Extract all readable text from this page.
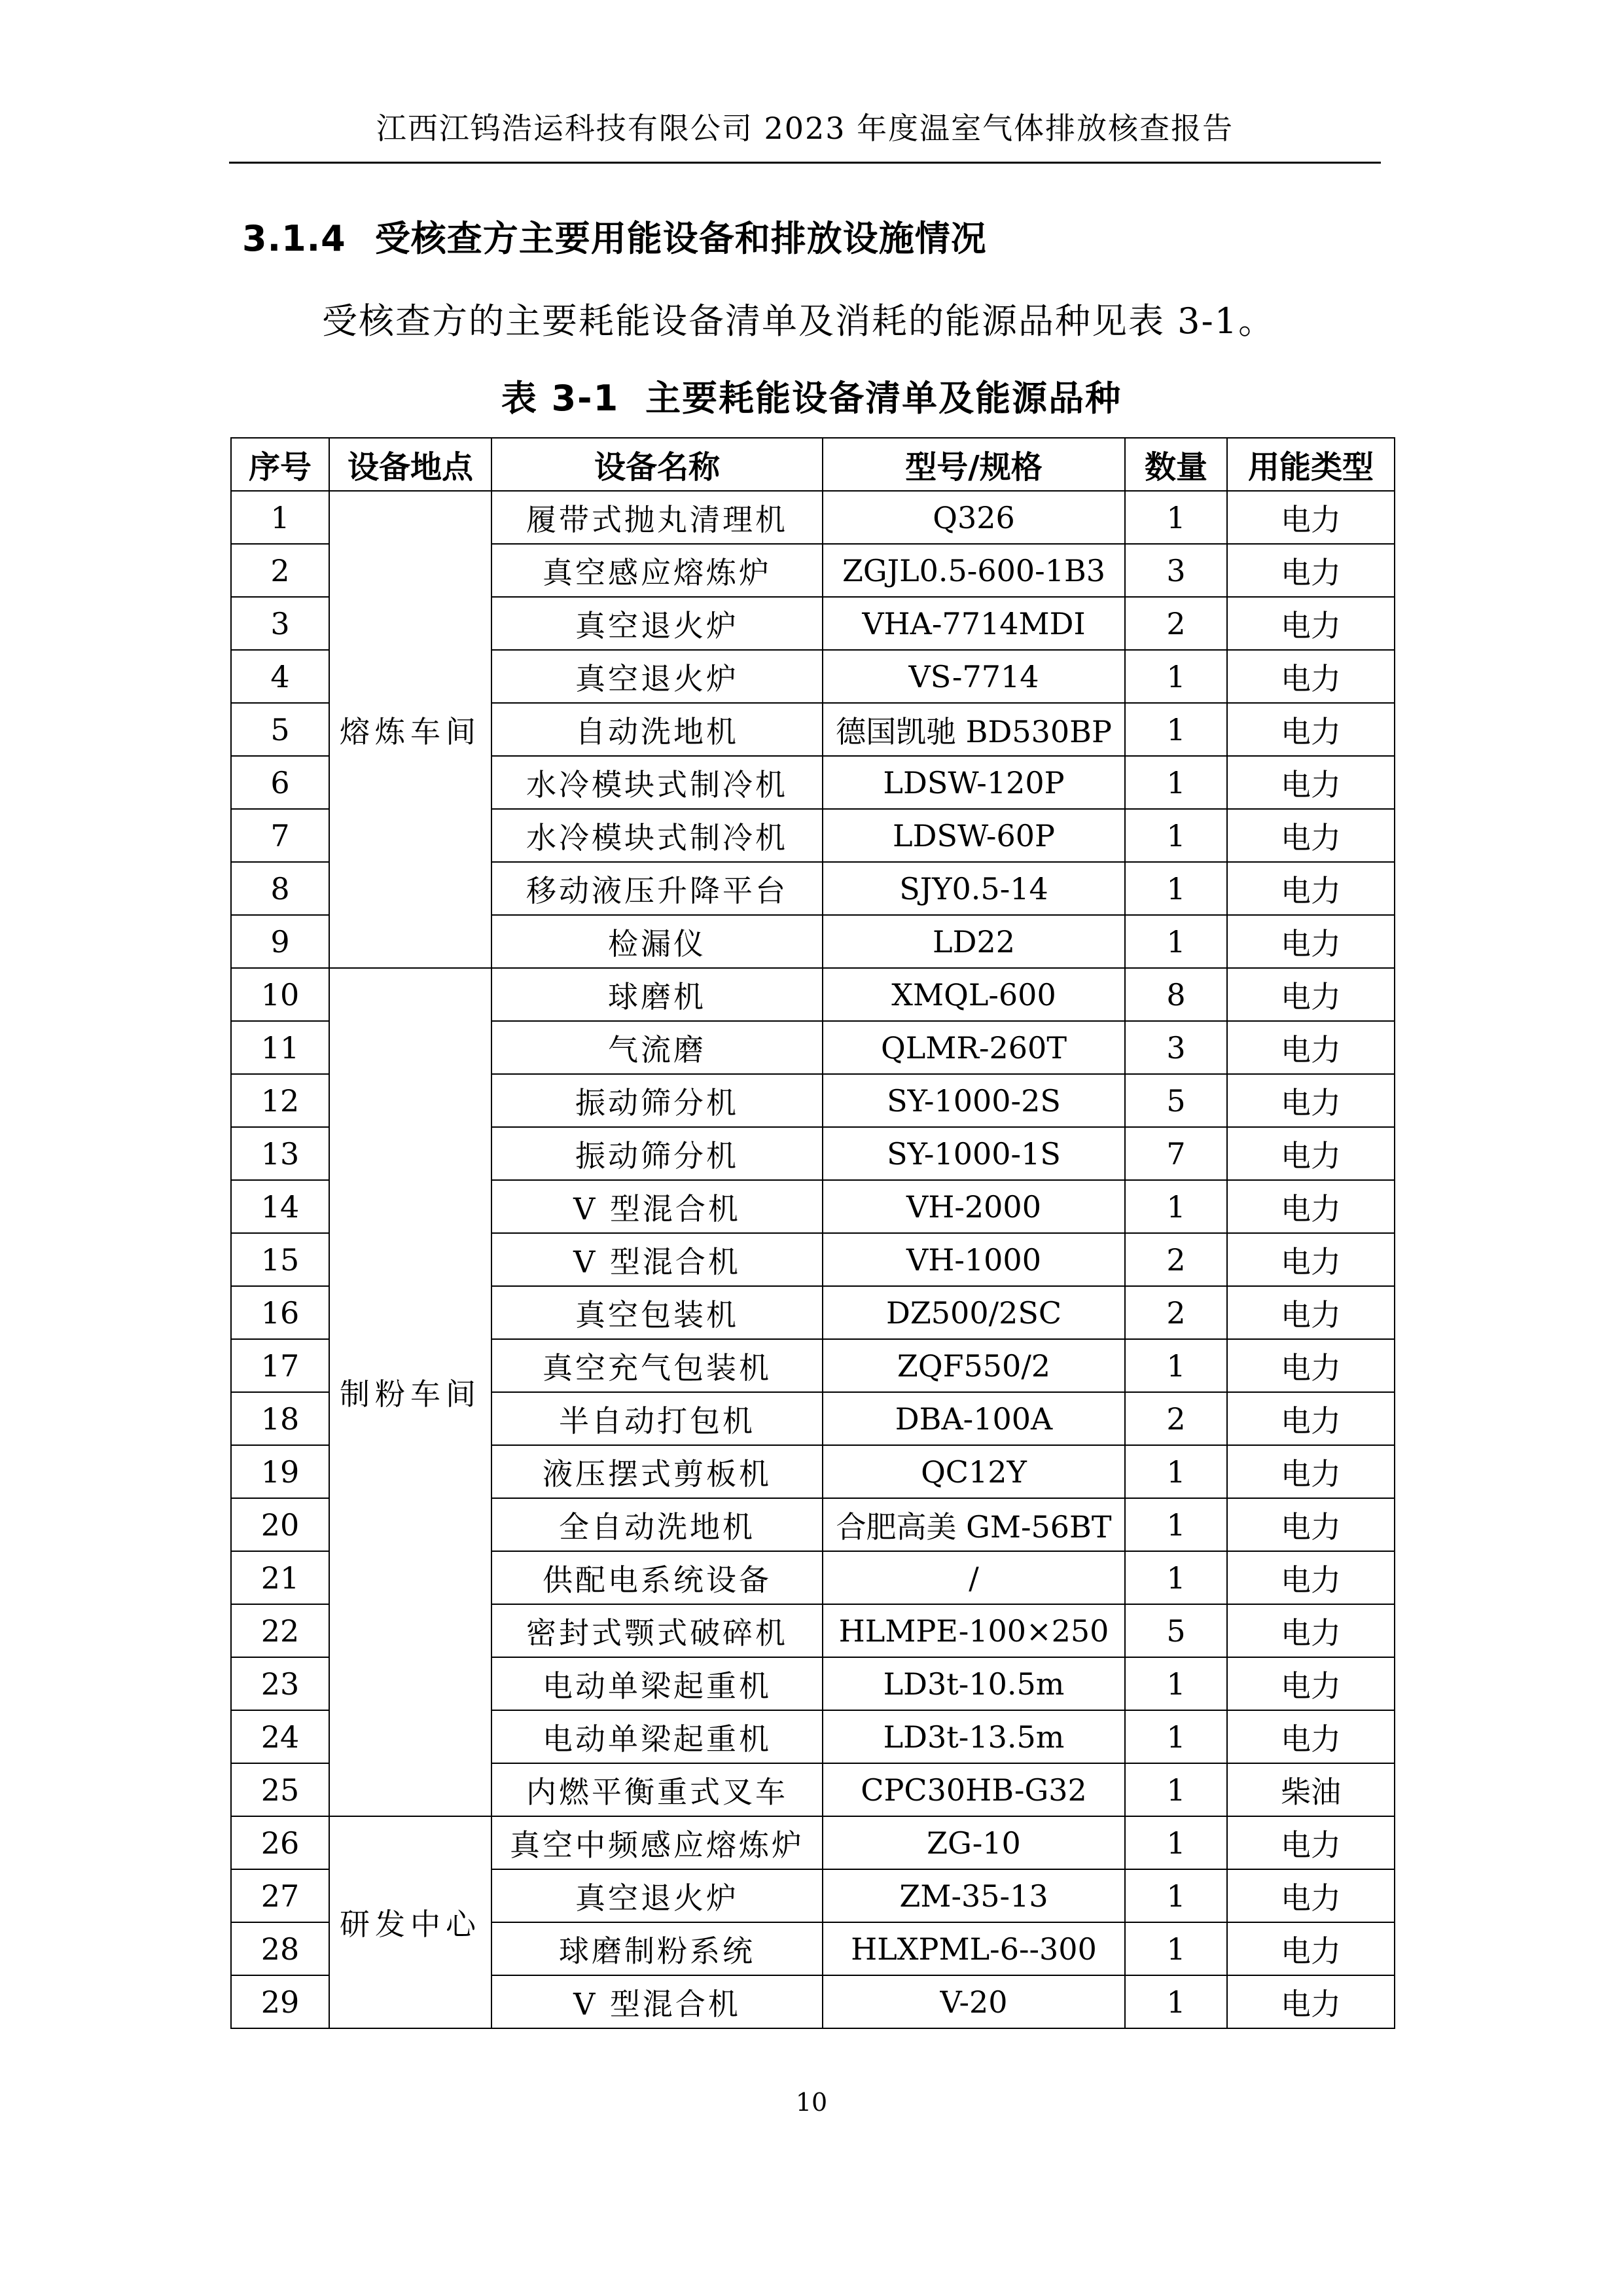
江西江钨浩运科技有限公司 2023 年度温室气体排放核查报告
3.1.4 受核查方主要用能设备和排放设施情况
受核查方的主要耗能设备清单及消耗的能源品种见表 3-1。
表 3-1 主要耗能设备清单及能源品种
序号	设备地点	设备名称	型号/规格	数量	用能类型
1	熔炼车间	履带式抛丸清理机	Q326	1	电力
2		真空感应熔炼炉	ZGJL0.5-600-1B3	3	电力
3		真空退火炉	VHA-7714MDI	2	电力
4		真空退火炉	VS-7714	1	电力
5		自动洗地机	德国凯驰 BD530BP	1	电力
6		水冷模块式制冷机	LDSW-120P	1	电力
7		水冷模块式制冷机	LDSW-60P	1	电力
8		移动液压升降平台	SJY0.5-14	1	电力
9		检漏仪	LD22	1	电力
10	制粉车间	球磨机	XMQL-600	8	电力
11		气流磨	QLMR-260T	3	电力
12		振动筛分机	SY-1000-2S	5	电力
13		振动筛分机	SY-1000-1S	7	电力
14		V 型混合机	VH-2000	1	电力
15		V 型混合机	VH-1000	2	电力
16		真空包装机	DZ500/2SC	2	电力
17		真空充气包装机	ZQF550/2	1	电力
18		半自动打包机	DBA-100A	2	电力
19		液压摆式剪板机	QC12Y	1	电力
20		全自动洗地机	合肥高美 GM-56BT	1	电力
21		供配电系统设备	/	1	电力
22		密封式颚式破碎机	HLMPE-100×250	5	电力
23		电动单梁起重机	LD3t-10.5m	1	电力
24		电动单梁起重机	LD3t-13.5m	1	电力
25		内燃平衡重式叉车	CPC30HB-G32	1	柴油
26	研发中心	真空中频感应熔炼炉	ZG-10	1	电力
27		真空退火炉	ZM-35-13	1	电力
28		球磨制粉系统	HLXPML-6--300	1	电力
29		V 型混合机	V-20	1	电力
10
